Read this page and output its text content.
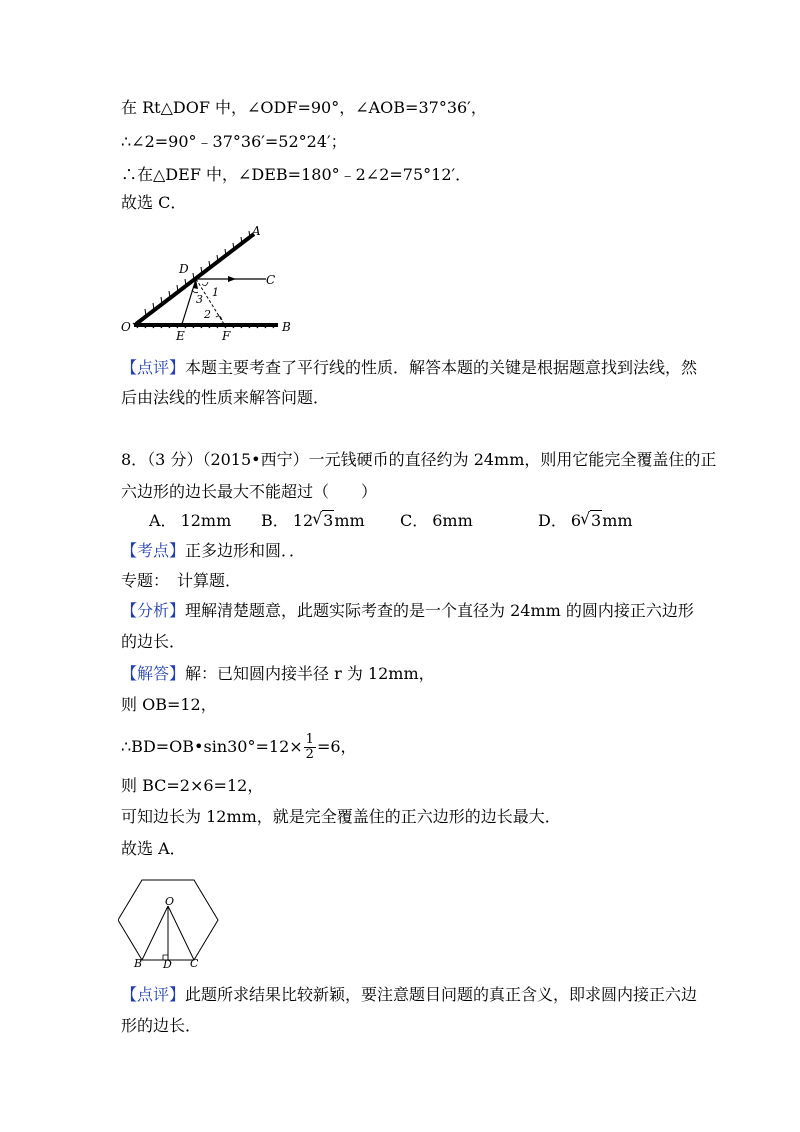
在 Rt△DOF 中，∠ODF=90°，∠AOB=37°36′，
∴∠2=90°﹣37°36′=52°24′；
∴在△DEF 中，∠DEB=180°﹣2∠2=75°12′．
故选 C．
A
D
C
1
3
2
O
E	F
B
【点评】本题主要考查了平行线的性质．解答本题的关键是根据题意找到法线，然
后由法线的性质来解答问题．
8．（3 分）（2015•西宁）一元钱硬币的直径约为 24mm，则用它能完全覆盖住的正
六边形的边长最大不能超过（　　）
A． 12mm B． 12 √ 3mm C． 6mm	D． 6 √ 3mm
【考点】正多边形和圆．．
专题：　计算题．
【分析】理解清楚题意，此题实际考查的是一个直径为 24mm 的圆内接正六边形
的边长．
【解答】解：已知圆内接半径 r 为 12mm，
则 OB=12，
∴BD=OB•sin30°=12× $\frac{1}{2} =6$，
则 BC=2×6=12，
可知边长为 12mm，就是完全覆盖住的正六边形的边长最大．
故选 A．
O
B D C
【点评】此题所求结果比较新颖，要注意题目问题的真正含义，即求圆内接正六边
形的边长．
